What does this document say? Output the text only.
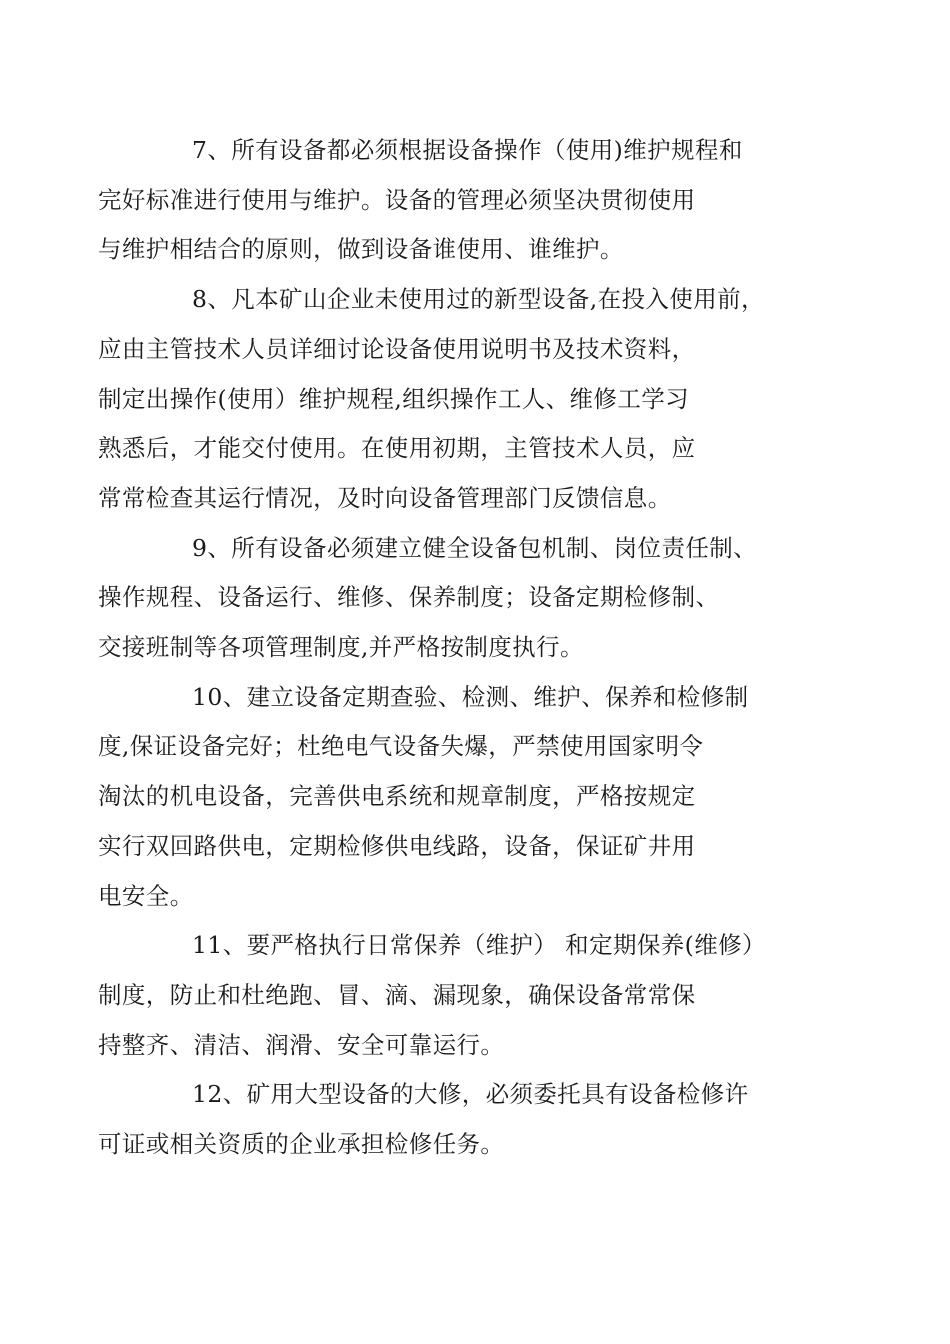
7、所有设备都必须根据设备操作（使用)维护规程和
完好标准进行使用与维护。设备的管理必须坚决贯彻使用
与维护相结合的原则，做到设备谁使用、谁维护。

8、凡本矿山企业未使用过的新型设备,在投入使用前，
应由主管技术人员详细讨论设备使用说明书及技术资料，
制定出操作(使用）维护规程,组织操作工人、维修工学习
熟悉后，才能交付使用。在使用初期，主管技术人员，应
常常检查其运行情况，及时向设备管理部门反馈信息。

9、所有设备必须建立健全设备包机制、岗位责任制、
操作规程、设备运行、维修、保养制度；设备定期检修制、
交接班制等各项管理制度,并严格按制度执行。

10、建立设备定期查验、检测、维护、保养和检修制
度,保证设备完好；杜绝电气设备失爆，严禁使用国家明令
淘汰的机电设备，完善供电系统和规章制度，严格按规定
实行双回路供电，定期检修供电线路，设备，保证矿井用
电安全。

11、要严格执行日常保养（维护） 和定期保养(维修）
制度，防止和杜绝跑、冒、滴、漏现象，确保设备常常保
持整齐、清洁、润滑、安全可靠运行。

12、矿用大型设备的大修，必须委托具有设备检修许
可证或相关资质的企业承担检修任务。
